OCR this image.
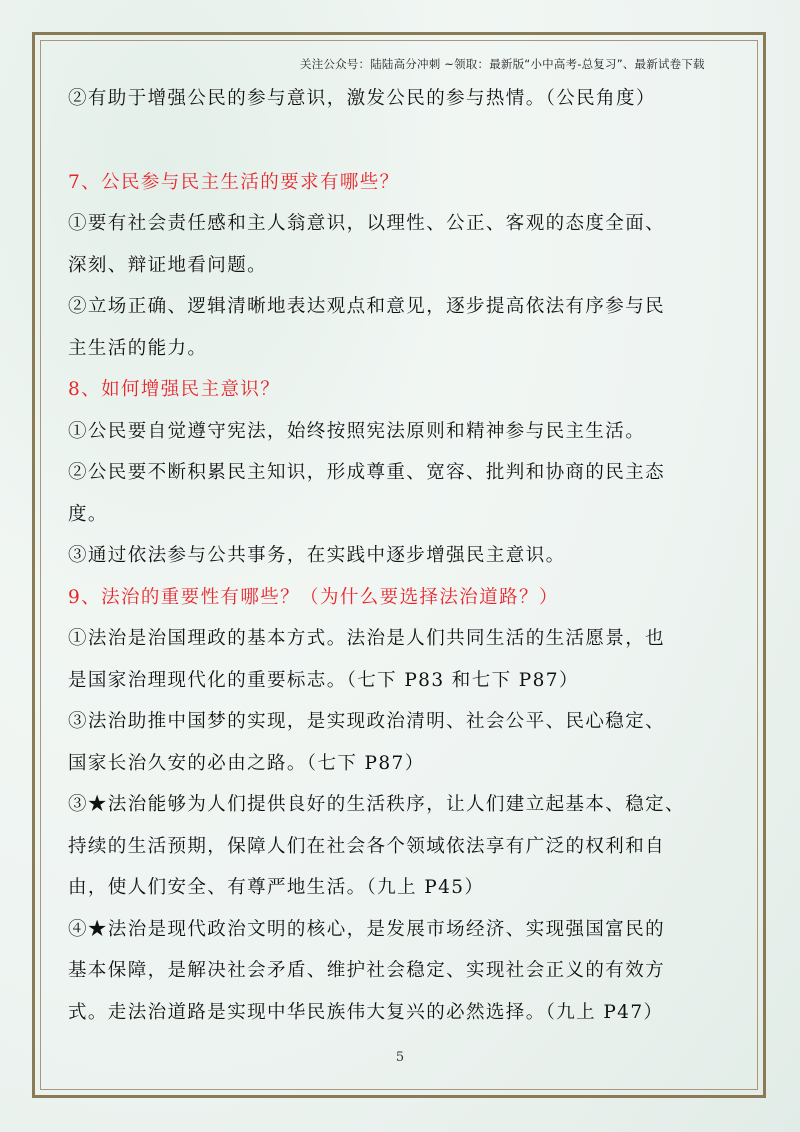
关注公众号：陆陆高分冲刺 ~领取：最新版“小中高考-总复习”、最新试卷下载
②有助于增强公民的参与意识，激发公民的参与热情。（公民角度）
7、公民参与民主生活的要求有哪些？
①要有社会责任感和主人翁意识，以理性、公正、客观的态度全面、
深刻、辩证地看问题。
②立场正确、逻辑清晰地表达观点和意见，逐步提高依法有序参与民
主生活的能力。
8、如何增强民主意识？
①公民要自觉遵守宪法，始终按照宪法原则和精神参与民主生活。
②公民要不断积累民主知识，形成尊重、宽容、批判和协商的民主态
度。
③通过依法参与公共事务，在实践中逐步增强民主意识。
9、法治的重要性有哪些？（为什么要选择法治道路？）
①法治是治国理政的基本方式。法治是人们共同生活的生活愿景，也
是国家治理现代化的重要标志。（七下 P83 和七下 P87）
③法治助推中国梦的实现，是实现政治清明、社会公平、民心稳定、
国家长治久安的必由之路。（七下 P87）
③★法治能够为人们提供良好的生活秩序，让人们建立起基本、稳定、
持续的生活预期，保障人们在社会各个领域依法享有广泛的权利和自
由，使人们安全、有尊严地生活。（九上 P45）
④★法治是现代政治文明的核心，是发展市场经济、实现强国富民的
基本保障，是解决社会矛盾、维护社会稳定、实现社会正义的有效方
式。走法治道路是实现中华民族伟大复兴的必然选择。（九上 P47）
5
